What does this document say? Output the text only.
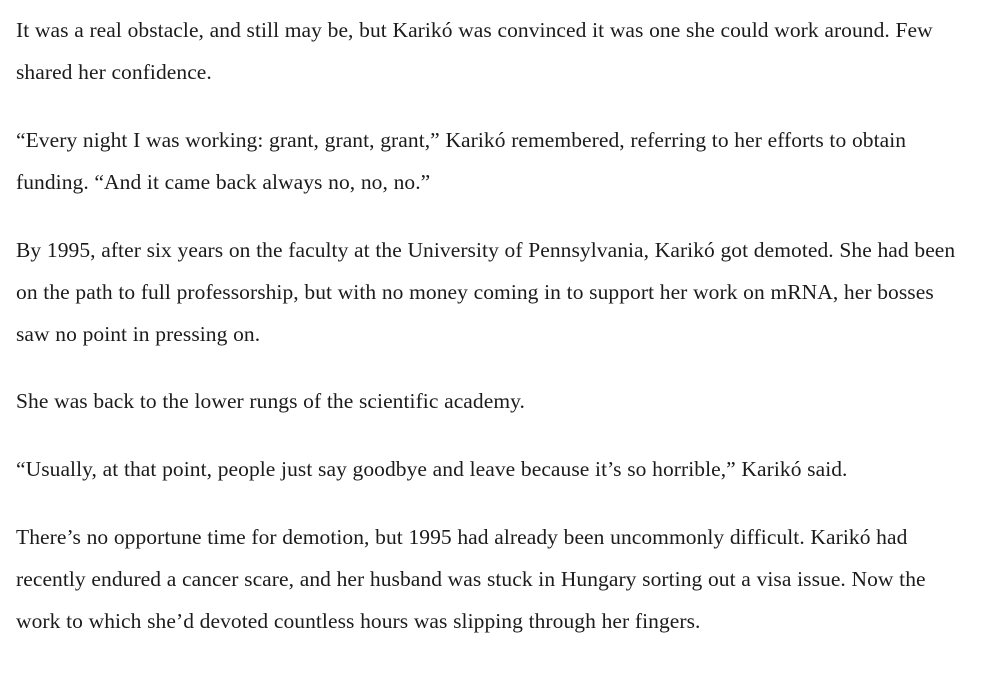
It was a real obstacle, and still may be, but Karikó was convinced it was one she could work around. Few shared her confidence.

“Every night I was working: grant, grant, grant,” Karikó remembered, referring to her efforts to obtain funding. “And it came back always no, no, no.”

By 1995, after six years on the faculty at the University of Pennsylvania, Karikó got demoted. She had been on the path to full professorship, but with no money coming in to support her work on mRNA, her bosses saw no point in pressing on.

She was back to the lower rungs of the scientific academy.

“Usually, at that point, people just say goodbye and leave because it’s so horrible,” Karikó said.

There’s no opportune time for demotion, but 1995 had already been uncommonly difficult. Karikó had recently endured a cancer scare, and her husband was stuck in Hungary sorting out a visa issue. Now the work to which she’d devoted countless hours was slipping through her fingers.
